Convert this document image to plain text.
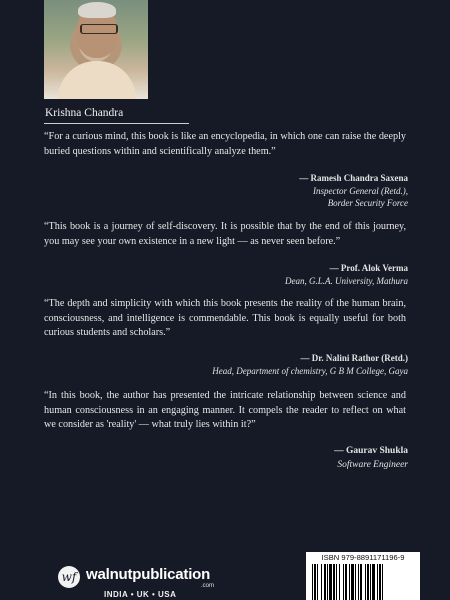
Krishna Chandra
“For a curious mind, this book is like an encyclopedia, in which one can raise the deeply buried questions within and scientifically analyze them.”
— Ramesh Chandra Saxena
Inspector General (Retd.),
Border Security Force
“This book is a journey of self-discovery. It is possible that by the end of this journey, you may see your own existence in a new light — as never seen before.”
— Prof. Alok Verma
Dean, G.L.A. University, Mathura
“The depth and simplicity with which this book presents the reality of the human brain, consciousness, and intelligence is commendable. This book is equally useful for both curious students and scholars.”
— Dr. Nalini Rathor (Retd.)
Head, Department of chemistry, G B M College, Gaya
“In this book, the author has presented the intricate relationship between science and human consciousness in an engaging manner. It compels the reader to reflect on what we consider as 'reality' — what truly lies within it?”
— Gaurav Shukla
Software Engineer
wf walnutpublication
.com
INDIA • UK • USA
ISBN 979-8891171196-9
